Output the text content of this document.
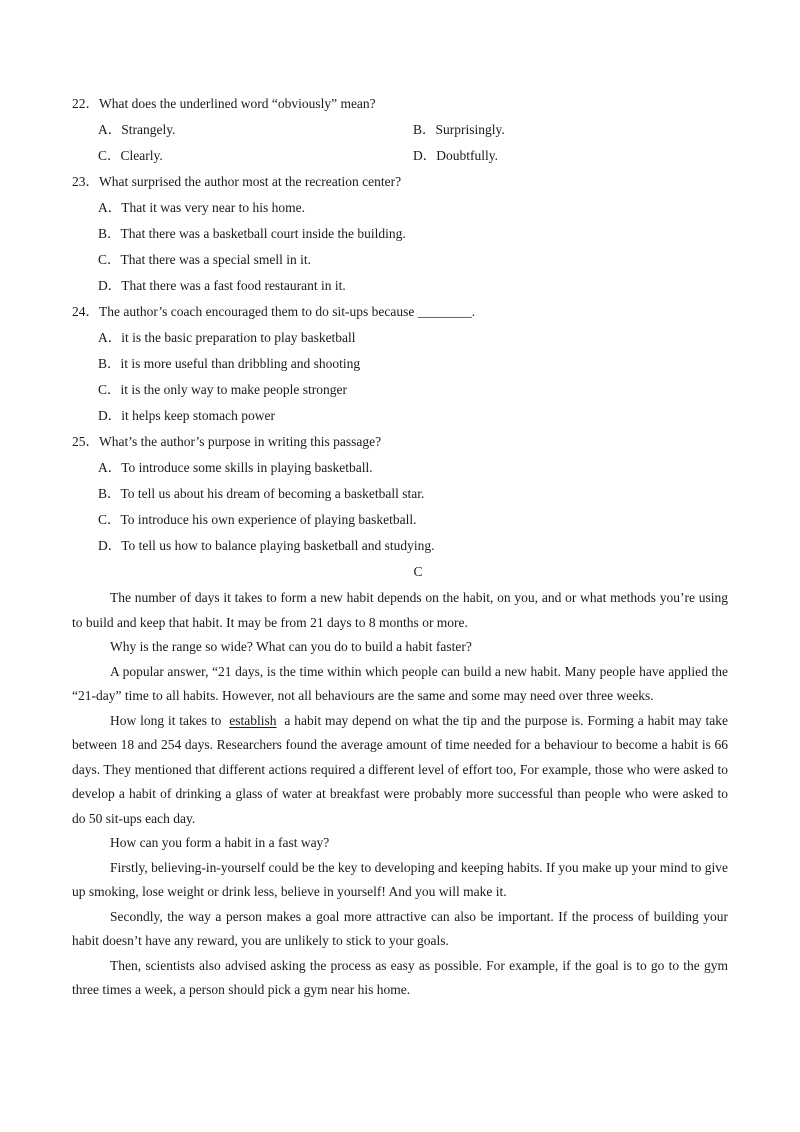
22．What does the underlined word “obviously” mean?
A．Strangely.	B．Surprisingly.
C．Clearly.	D．Doubtfully.
23．What surprised the author most at the recreation center?
A．That it was very near to his home.
B．That there was a basketball court inside the building.
C．That there was a special smell in it.
D．That there was a fast food restaurant in it.
24．The author’s coach encouraged them to do sit-ups because ________.
A．it is the basic preparation to play basketball
B．it is more useful than dribbling and shooting
C．it is the only way to make people stronger
D．it helps keep stomach power
25．What’s the author’s purpose in writing this passage?
A．To introduce some skills in playing basketball.
B．To tell us about his dream of becoming a basketball star.
C．To introduce his own experience of playing basketball.
D．To tell us how to balance playing basketball and studying.
C

The number of days it takes to form a new habit depends on the habit, on you, and or what methods you’re using to build and keep that habit. It may be from 21 days to 8 months or more.

Why is the range so wide? What can you do to build a habit faster?

A popular answer, “21 days, is the time within which people can build a new habit. Many people have applied the “21-day” time to all habits. However, not all behaviours are the same and some may need over three weeks.

How long it takes to establish a habit may depend on what the tip and the purpose is. Forming a habit may take between 18 and 254 days. Researchers found the average amount of time needed for a behaviour to become a habit is 66 days. They mentioned that different actions required a different level of effort too, For example, those who were asked to develop a habit of drinking a glass of water at breakfast were probably more successful than people who were asked to do 50 sit-ups each day.

How can you form a habit in a fast way?

Firstly, believing-in-yourself could be the key to developing and keeping habits. If you make up your mind to give up smoking, lose weight or drink less, believe in yourself! And you will make it.

Secondly, the way a person makes a goal more attractive can also be important. If the process of building your habit doesn’t have any reward, you are unlikely to stick to your goals.

Then, scientists also advised asking the process as easy as possible. For example, if the goal is to go to the gym three times a week, a person should pick a gym near his home.
